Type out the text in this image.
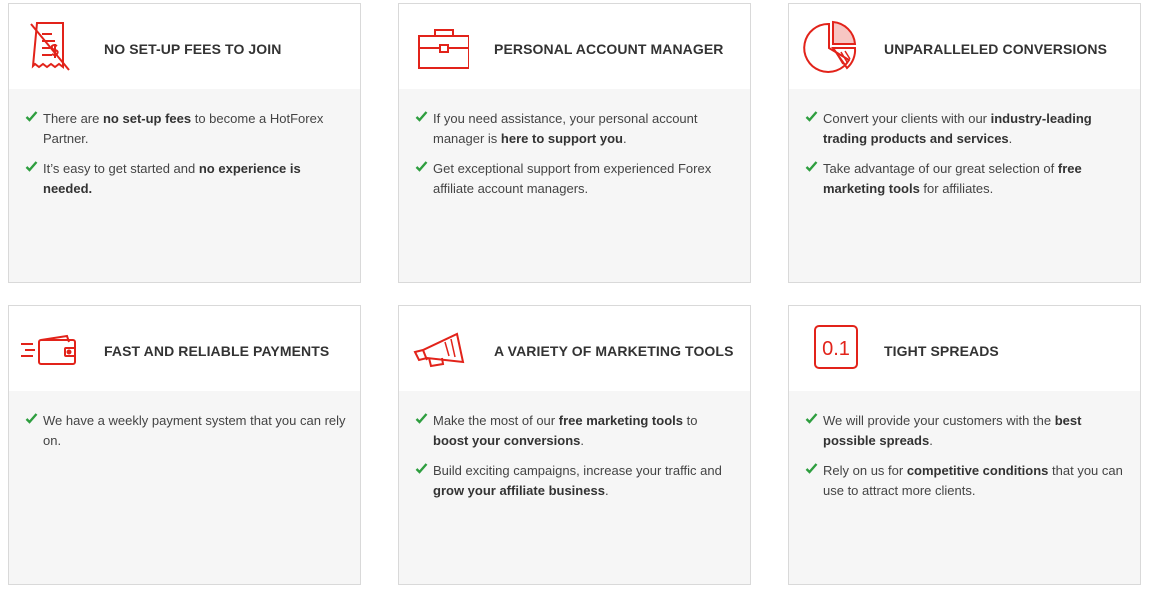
NO SET-UP FEES TO JOIN
There are no set-up fees to become a HotForex Partner.
It’s easy to get started and no experience is needed.
PERSONAL ACCOUNT MANAGER
If you need assistance, your personal account manager is here to support you.
Get exceptional support from experienced Forex affiliate account managers.
UNPARALLELED CONVERSIONS
Convert your clients with our industry-leading trading products and services.
Take advantage of our great selection of free marketing tools for affiliates.
FAST AND RELIABLE PAYMENTS
We have a weekly payment system that you can rely on.
A VARIETY OF MARKETING TOOLS
Make the most of our free marketing tools to boost your conversions.
Build exciting campaigns, increase your traffic and grow your affiliate business.
0.1 TIGHT SPREADS
We will provide your customers with the best possible spreads.
Rely on us for competitive conditions that you can use to attract more clients.
